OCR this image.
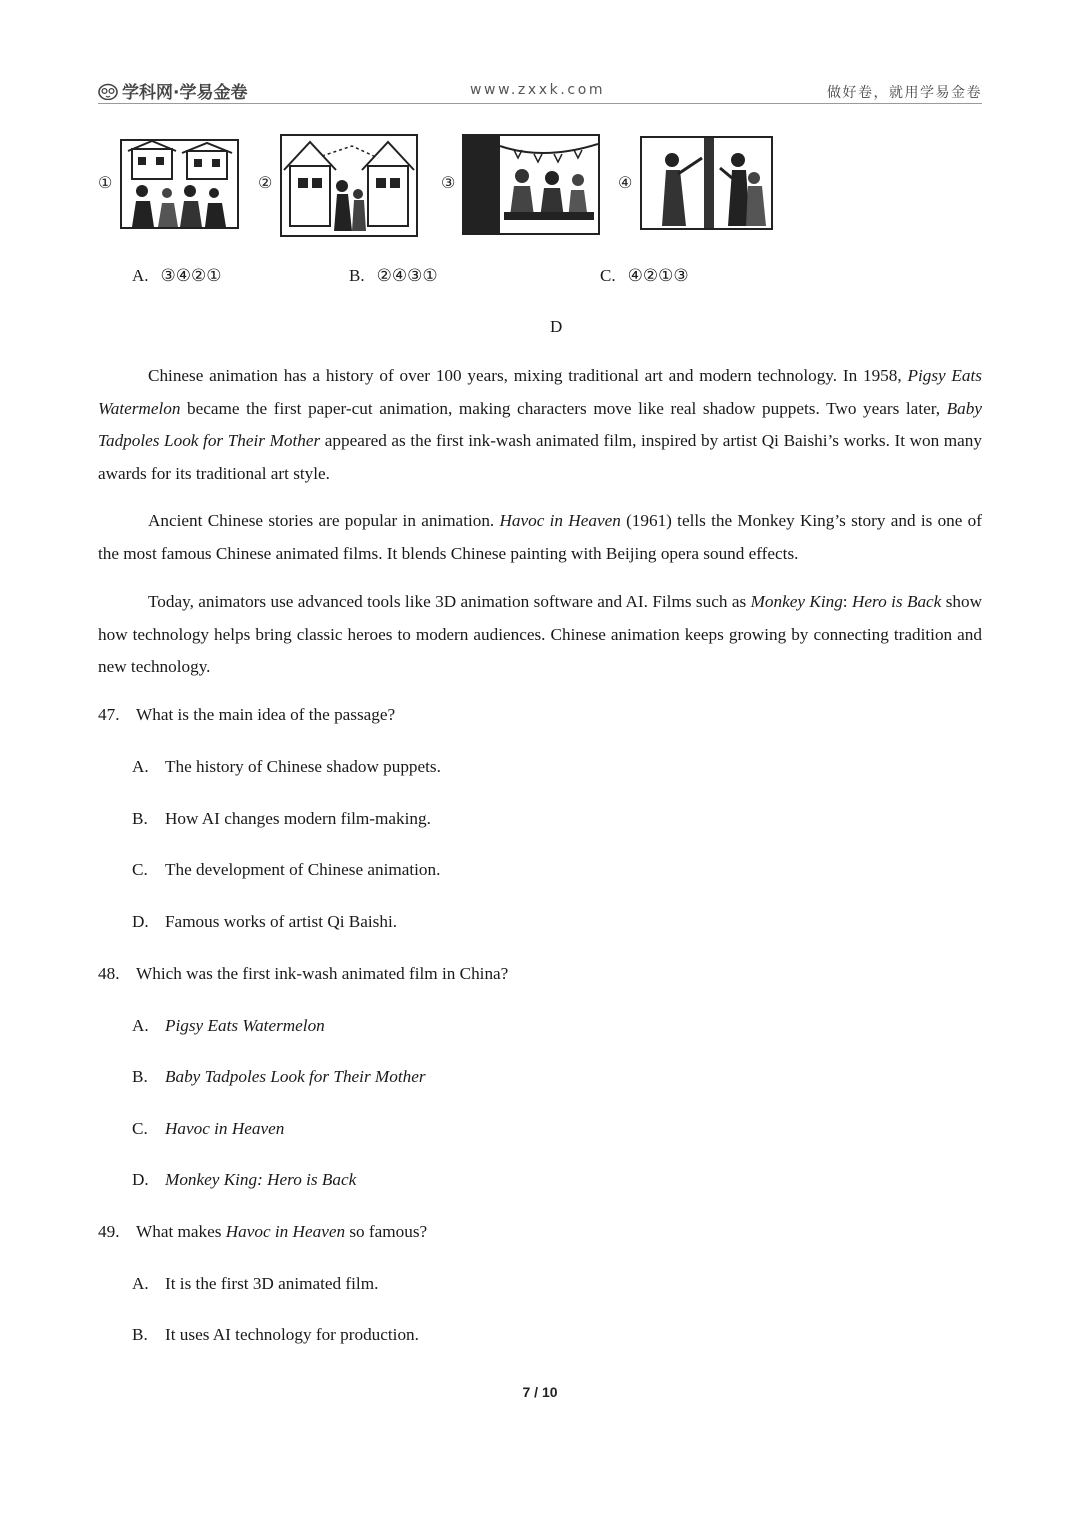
学科网·学易金卷	www.zxxk.com	做好卷，就用学易金卷
①	②	③	④
A. ③④②①	B. ②④③①	C. ④②①③
D

Chinese animation has a history of over 100 years, mixing traditional art and modern technology. In 1958, Pigsy Eats Watermelon became the first paper-cut animation, making characters move like real shadow puppets. Two years later, Baby Tadpoles Look for Their Mother appeared as the first ink-wash animated film, inspired by artist Qi Baishi’s works. It won many awards for its traditional art style.

Ancient Chinese stories are popular in animation. Havoc in Heaven (1961) tells the Monkey King’s story and is one of the most famous Chinese animated films. It blends Chinese painting with Beijing opera sound effects.

Today, animators use advanced tools like 3D animation software and AI. Films such as Monkey King: Hero is Back show how technology helps bring classic heroes to modern audiences. Chinese animation keeps growing by connecting tradition and new technology.

47. What is the main idea of the passage?
A. The history of Chinese shadow puppets.
B. How AI changes modern film-making.
C. The development of Chinese animation.
D. Famous works of artist Qi Baishi.
48. Which was the first ink-wash animated film in China?
A. Pigsy Eats Watermelon
B. Baby Tadpoles Look for Their Mother
C. Havoc in Heaven
D. Monkey King: Hero is Back
49. What makes Havoc in Heaven so famous?
A. It is the first 3D animated film.
B. It uses AI technology for production.
7 / 10
